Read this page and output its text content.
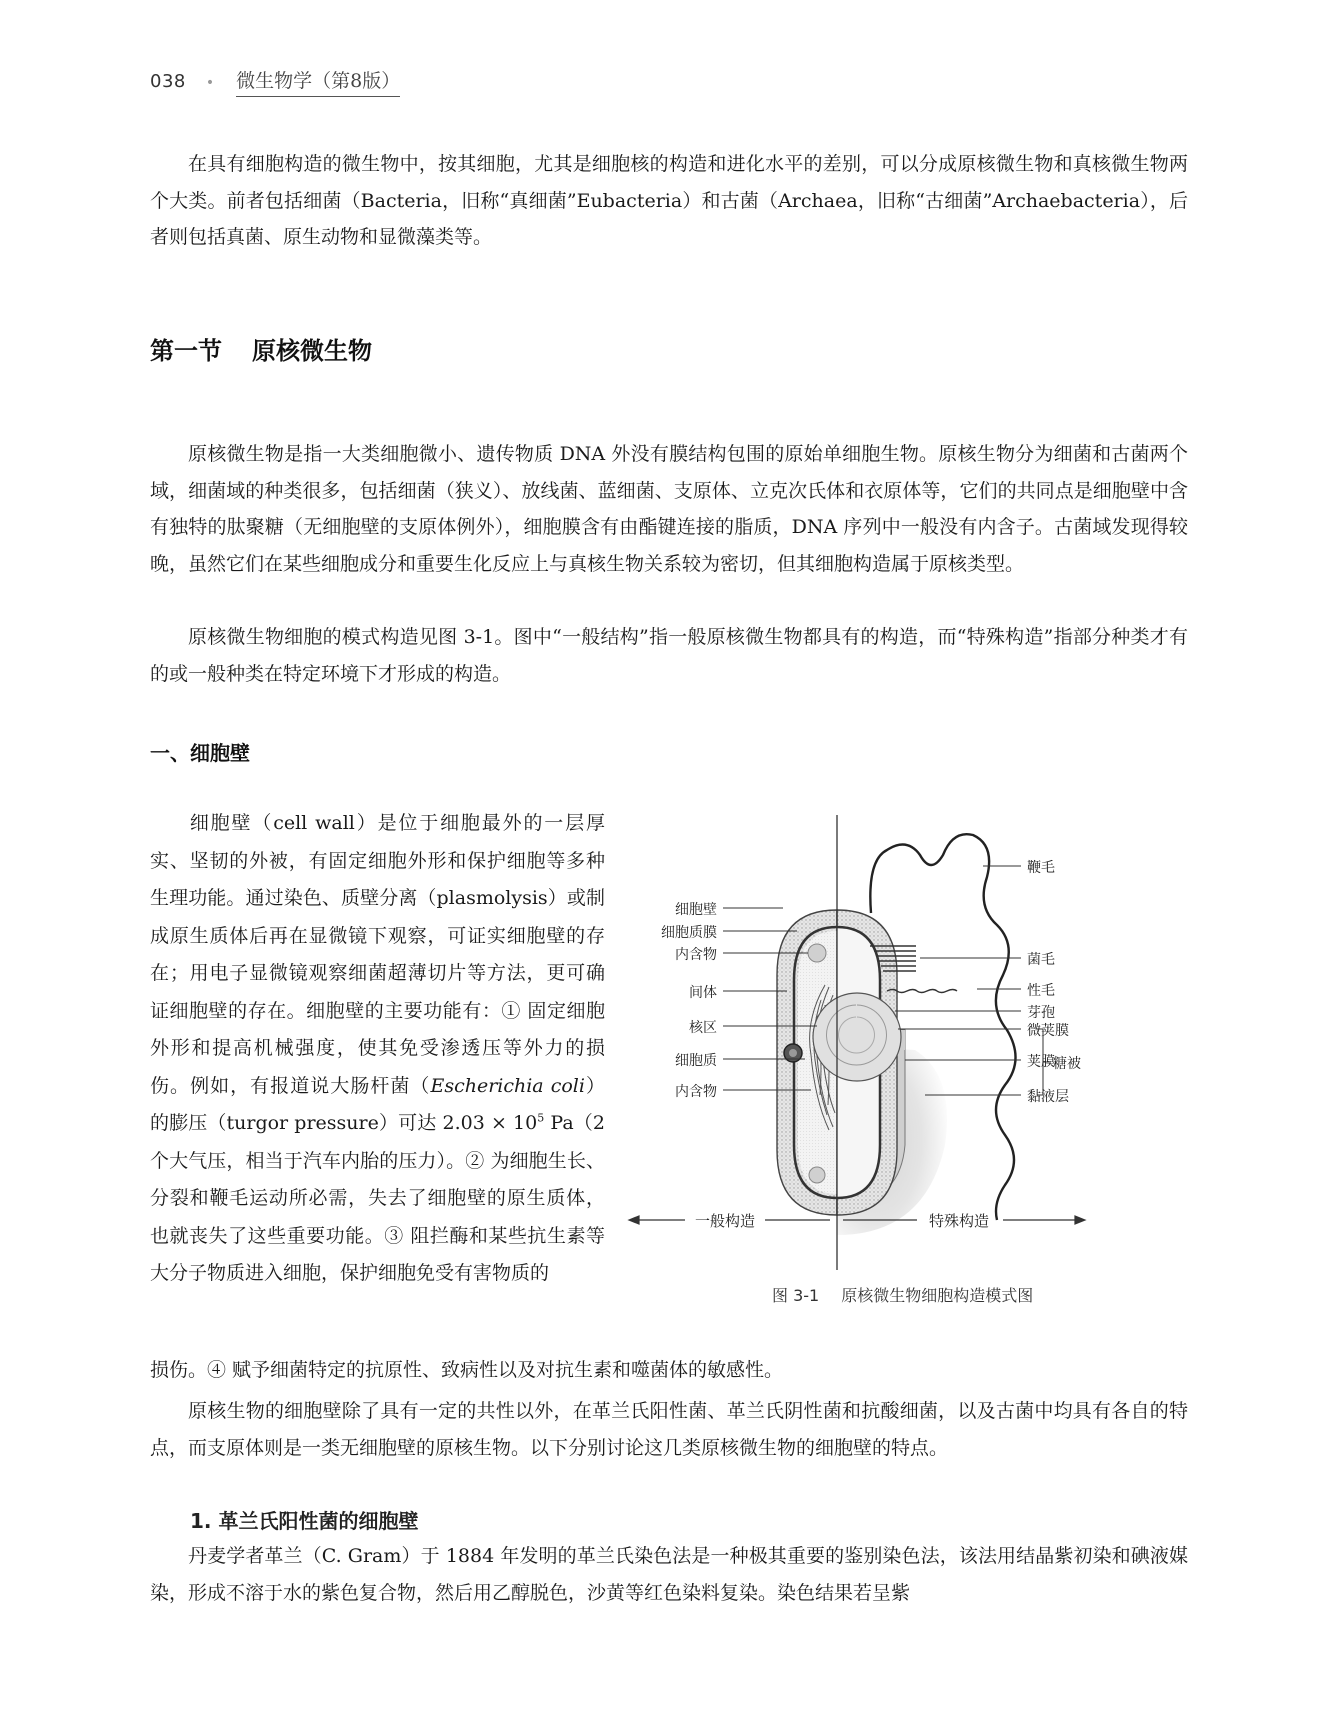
038 • 微生物学（第8版）

在具有细胞构造的微生物中，按其细胞，尤其是细胞核的构造和进化水平的差别，可以分成原核微生物和真核微生物两个大类。前者包括细菌（Bacteria，旧称“真细菌”Eubacteria）和古菌（Archaea，旧称“古细菌”Archaebacteria），后者则包括真菌、原生动物和显微藻类等。

第一节 原核微生物

原核微生物是指一大类细胞微小、遗传物质 DNA 外没有膜结构包围的原始单细胞生物。原核生物分为细菌和古菌两个域，细菌域的种类很多，包括细菌（狭义）、放线菌、蓝细菌、支原体、立克次氏体和衣原体等，它们的共同点是细胞壁中含有独特的肽聚糖（无细胞壁的支原体例外），细胞膜含有由酯键连接的脂质，DNA 序列中一般没有内含子。古菌域发现得较晚，虽然它们在某些细胞成分和重要生化反应上与真核生物关系较为密切，但其细胞构造属于原核类型。

原核微生物细胞的模式构造见图 3-1。图中“一般结构”指一般原核微生物都具有的构造，而“特殊构造”指部分种类才有的或一般种类在特定环境下才形成的构造。

一、细胞壁

细胞壁（cell wall）是位于细胞最外的一层厚实、坚韧的外被，有固定细胞外形和保护细胞等多种生理功能。通过染色、质壁分离（plasmolysis）或制成原生质体后再在显微镜下观察，可证实细胞壁的存在；用电子显微镜观察细菌超薄切片等方法，更可确证细胞壁的存在。细胞壁的主要功能有：① 固定细胞外形和提高机械强度，使其免受渗透压等外力的损伤。例如，有报道说大肠杆菌（Escherichia coli）的膨压（turgor pressure）可达 $2.03 \times 10^5$ Pa（2 个大气压，相当于汽车内胎的压力）。② 为细胞生长、分裂和鞭毛运动所必需，失去了细胞壁的原生质体，也就丧失了这些重要功能。③ 阻拦酶和某些抗生素等大分子物质进入细胞，保护细胞免受有害物质的

损伤。④ 赋予细菌特定的抗原性、致病性以及对抗生素和噬菌体的敏感性。

原核生物的细胞壁除了具有一定的共性以外，在革兰氏阳性菌、革兰氏阴性菌和抗酸细菌，以及古菌中均具有各自的特点，而支原体则是一类无细胞壁的原核生物。以下分别讨论这几类原核微生物的细胞壁的特点。

1. 革兰氏阳性菌的细胞壁

丹麦学者革兰（C. Gram）于 1884 年发明的革兰氏染色法是一种极其重要的鉴别染色法，该法用结晶紫初染和碘液媒染，形成不溶于水的紫色复合物，然后用乙醇脱色，沙黄等红色染料复染。染色结果若呈紫

细胞壁
细胞质膜
内含物
间体
核区
细胞质
内含物
鞭毛
菌毛
性毛
芽孢
微荚膜
荚膜
黏液层
糖被
一般构造	特殊构造
图 3-1 原核微生物细胞构造模式图
